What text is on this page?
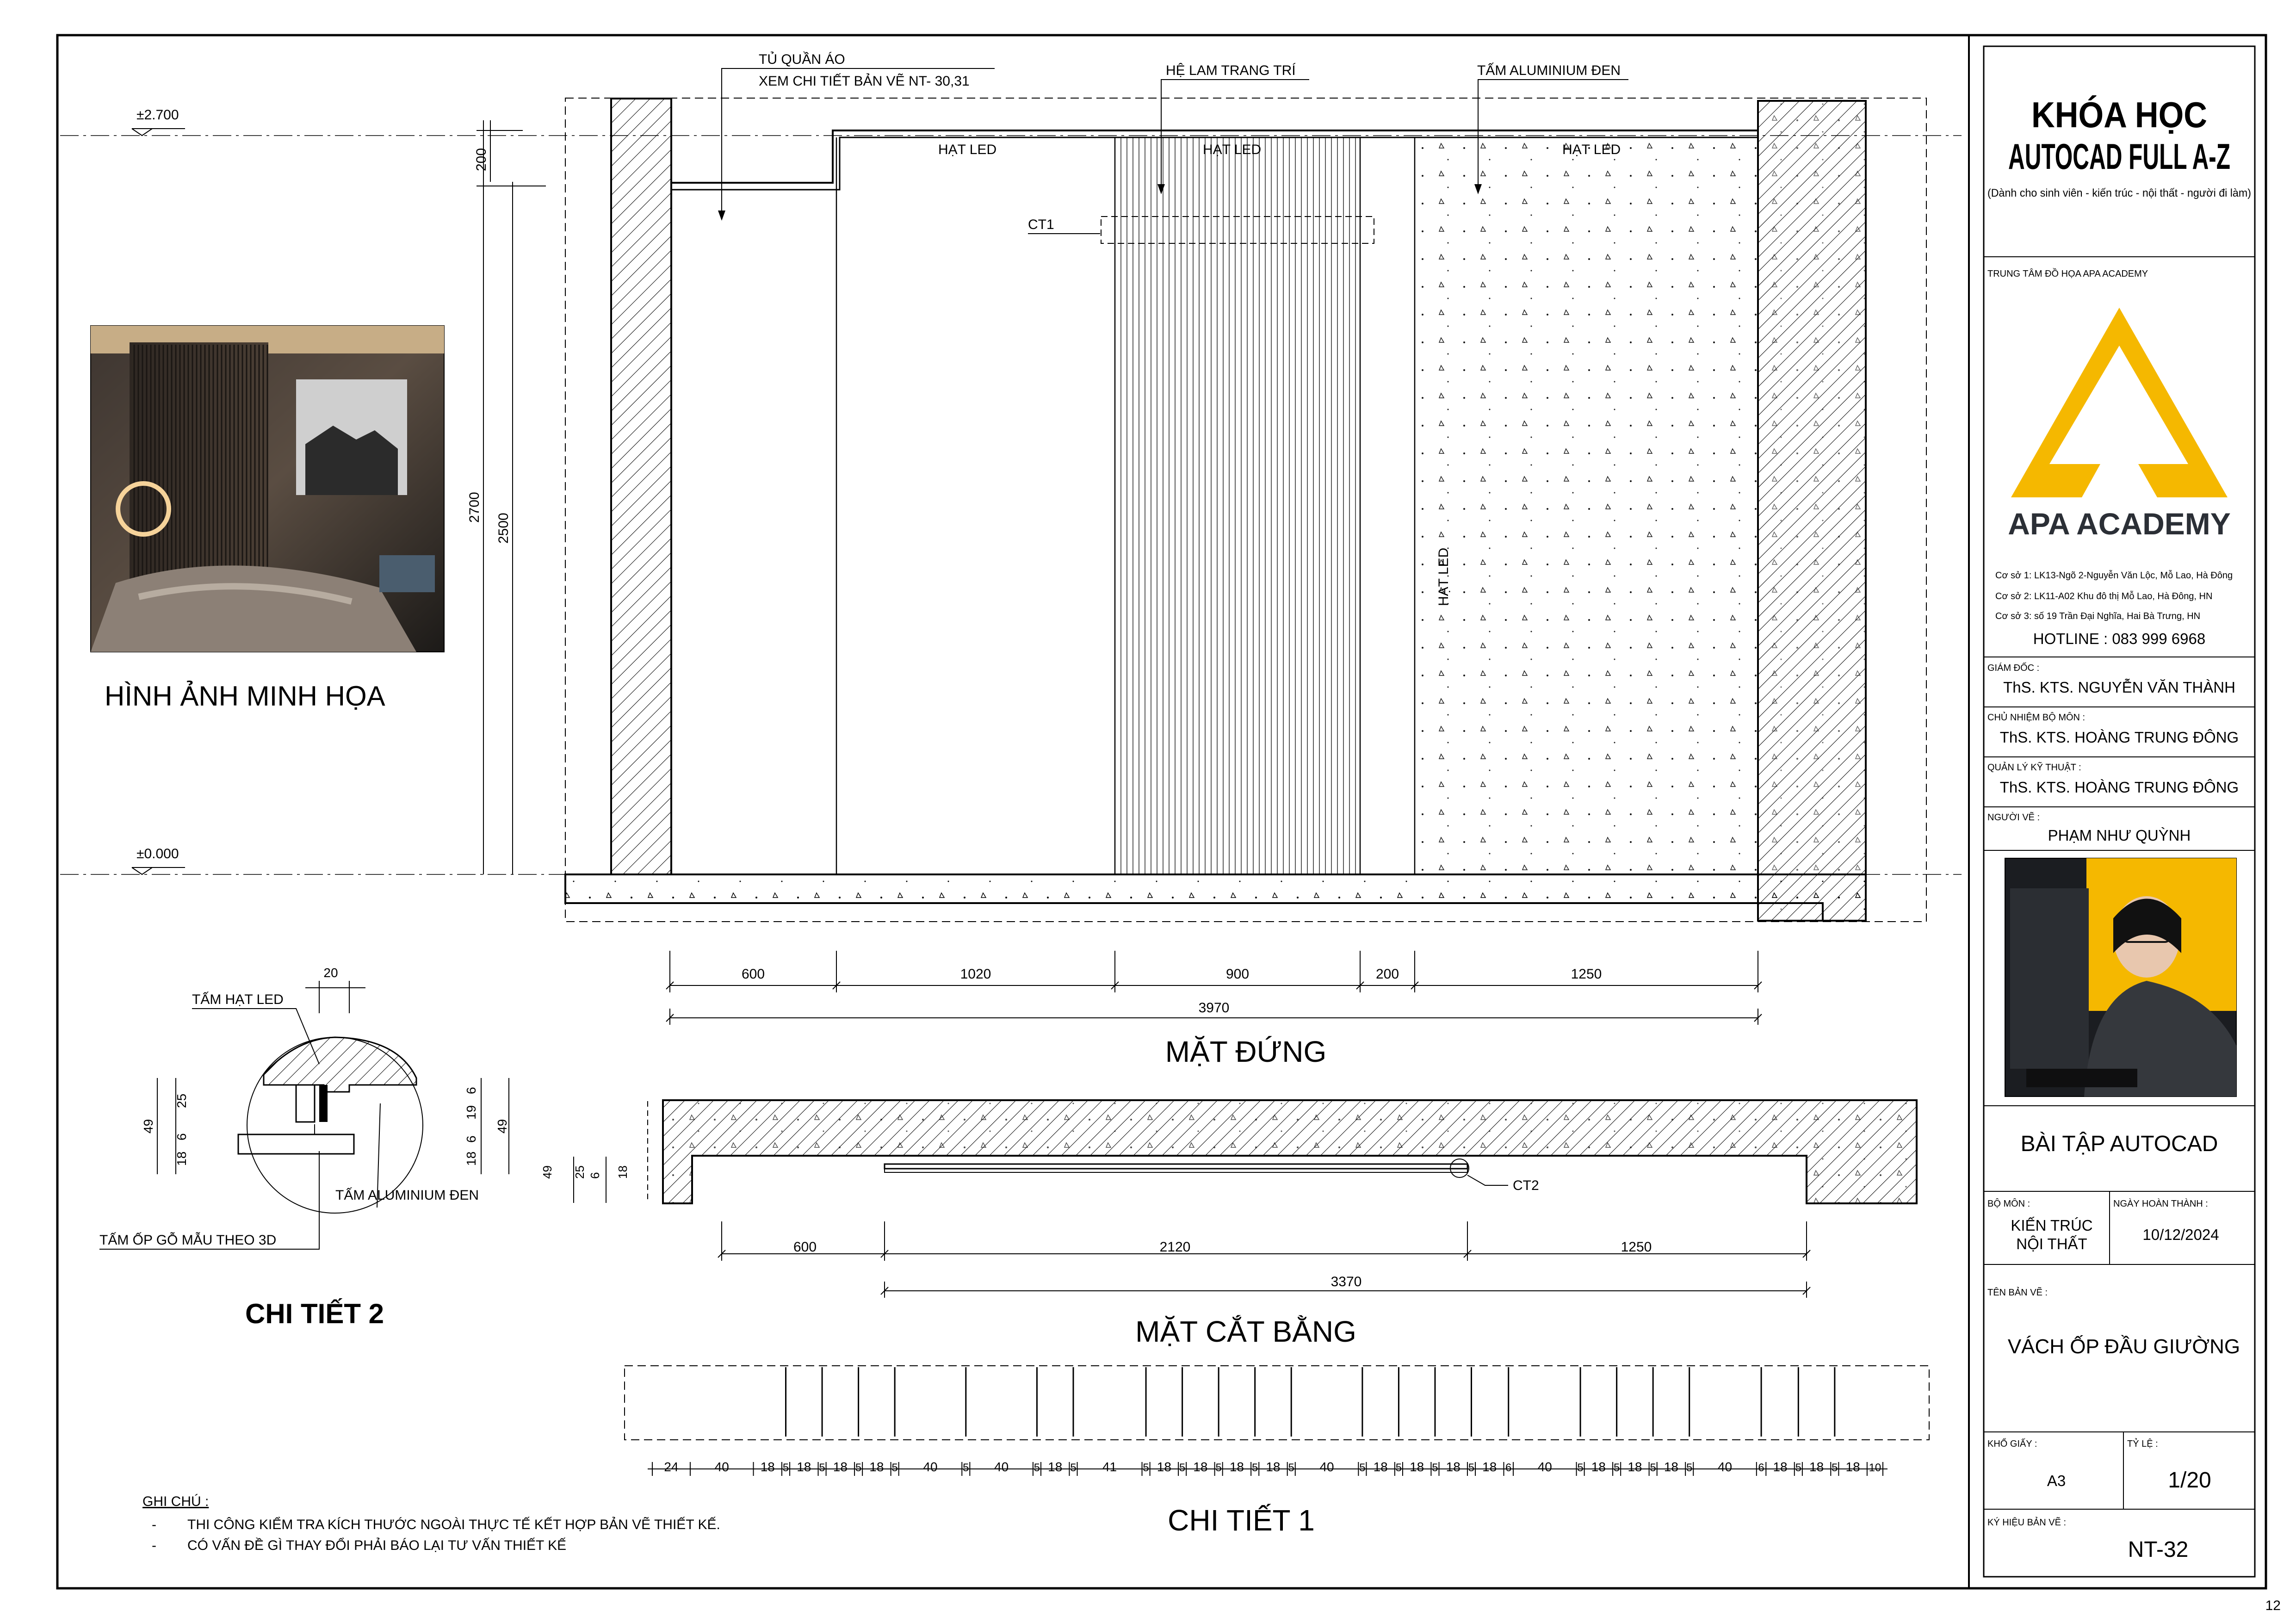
12
±2.700
±0.000
CT1
TỦ QUẦN ÁO
XEM CHI TIẾT BẢN VẼ NT- 30,31
HỆ LAM TRANG TRÍ	TẤM ALUMINIUM ĐEN
HẠT LED	HẠT LED	HẠT LED
HẠT LED
2700
2500
200
600	1020	900	200	1250
3970
MẶT ĐỨNG
HÌNH ẢNH MINH HỌA
CT2
600	2120	1250
3370
49 25 6 18
MẶT CẮT BẰNG
24	40 18 5 18 5 18 5 18 5 40 5 40 5 18 5 41 5 18 5 18 5 18 5 18 5 40 5 18 5 18 5 18 5 18 6 40 5 18 5 18 5 18 5 40 6 18 5 18 5 18 10
CHI TIẾT 1
20
TẤM HẠT LED
TẤM ALUMINIUM ĐEN
TẤM ỐP GỖ MẪU THEO 3D
49
25
6
18
6
19
6
18
49
CHI TIẾT 2
GHI CHÚ :
- THI CÔNG KIỂM TRA KÍCH THƯỚC NGOÀI THỰC TẾ KẾT HỢP BẢN VẼ THIẾT KẾ.
- CÓ VẤN ĐỀ GÌ THAY ĐỔI PHẢI BÁO LẠI TƯ VẤN THIẾT KẾ
KHÓA HỌC
AUTOCAD FULL A-Z
(Dành cho sinh viên - kiến trúc - nội thất - người đi làm)
TRUNG TÂM ĐỒ HỌA APA ACADEMY
APA ACADEMY
Cơ sở 1: LK13-Ngõ 2-Nguyễn Văn Lộc, Mỗ Lao, Hà Đông
Cơ sở 2: LK11-A02 Khu đô thị Mỗ Lao, Hà Đông, HN
Cơ sở 3: số 19 Trần Đại Nghĩa, Hai Bà Trưng, HN
HOTLINE : 083 999 6968
GIÁM ĐỐC :
ThS. KTS. NGUYỄN VĂN THÀNH
CHỦ NHIỆM BỘ MÔN :
ThS. KTS. HOÀNG TRUNG ĐÔNG
QUẢN LÝ KỸ THUẬT :
ThS. KTS. HOÀNG TRUNG ĐÔNG
NGƯỜI VẼ :
PHẠM NHƯ QUỲNH
BÀI TẬP AUTOCAD
BỘ MÔN :
KIẾN TRÚC
NỘI THẤT
NGÀY HOÀN THÀNH :
10/12/2024
TÊN BẢN VẼ :
VÁCH ỐP ĐẦU GIƯỜNG
KHỔ GIẤY :
A3
TỶ LỆ :
1/20
KÝ HIỆU BẢN VẼ :
NT-32
